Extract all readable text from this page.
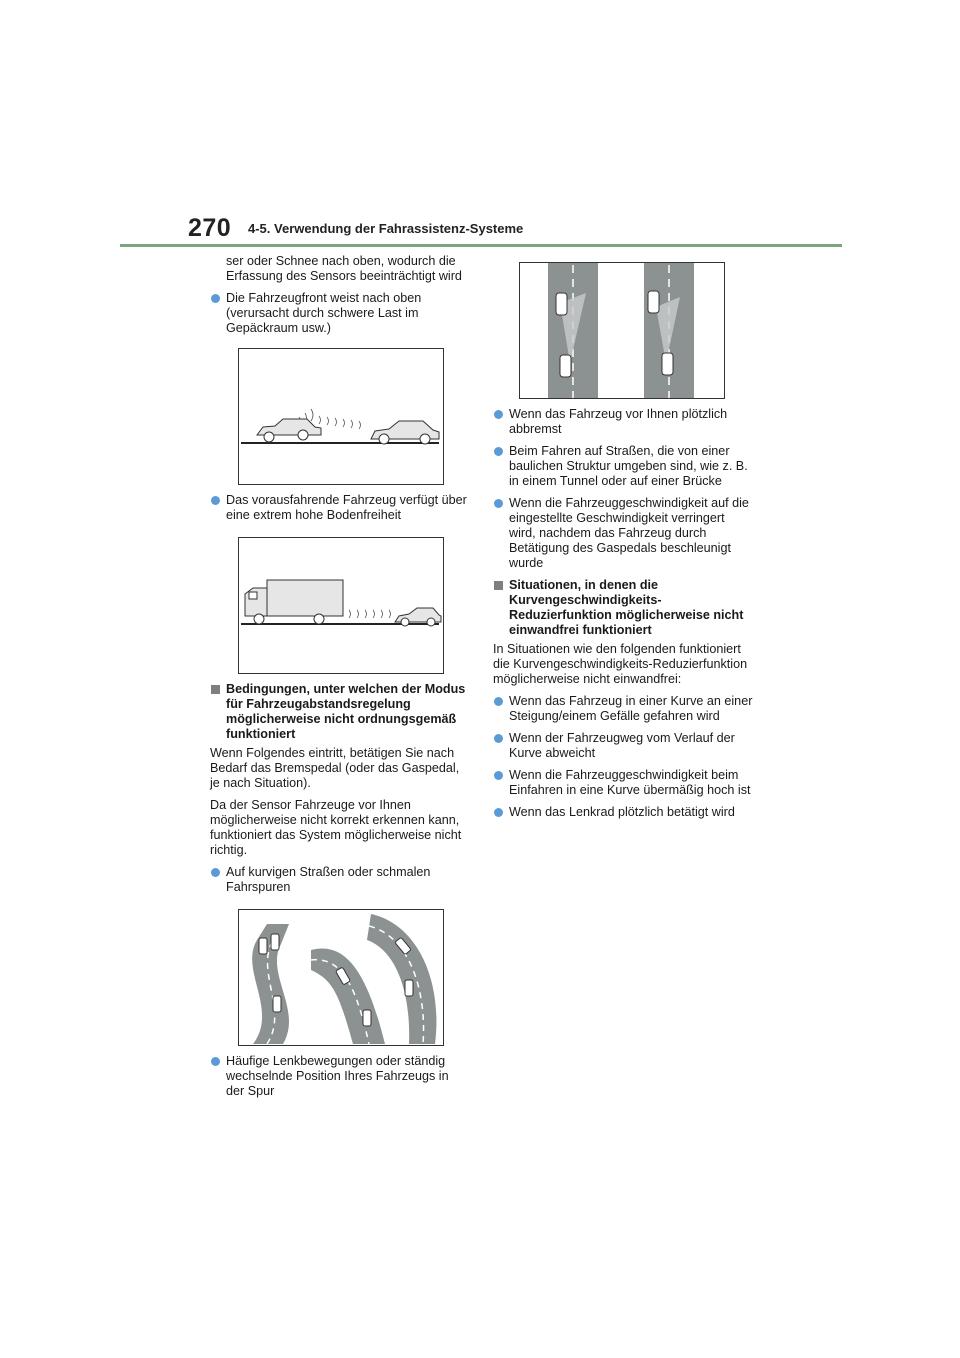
270 4-5. Verwendung der Fahrassistenz-Systeme

ser oder Schnee nach oben, wodurch die Erfassung des Sensors beeinträchtigt wird

Die Fahrzeugfront weist nach oben (verursacht durch schwere Last im Gepäckraum usw.)

Das vorausfahrende Fahrzeug verfügt über eine extrem hohe Bodenfreiheit

Bedingungen, unter welchen der Modus für Fahrzeugabstandsregelung möglicherweise nicht ordnungsgemäß funktioniert

Wenn Folgendes eintritt, betätigen Sie nach Bedarf das Bremspedal (oder das Gaspedal, je nach Situation).

Da der Sensor Fahrzeuge vor Ihnen möglicherweise nicht korrekt erkennen kann, funktioniert das System möglicherweise nicht richtig.

Auf kurvigen Straßen oder schmalen Fahrspuren

Häufige Lenkbewegungen oder ständig wechselnde Position Ihres Fahrzeugs in der Spur

Wenn das Fahrzeug vor Ihnen plötzlich abbremst

Beim Fahren auf Straßen, die von einer baulichen Struktur umgeben sind, wie z. B. in einem Tunnel oder auf einer Brücke

Wenn die Fahrzeuggeschwindigkeit auf die eingestellte Geschwindigkeit verringert wird, nachdem das Fahrzeug durch Betätigung des Gaspedals beschleunigt wurde

Situationen, in denen die Kurvengeschwindigkeits-Reduzierfunktion möglicherweise nicht einwandfrei funktioniert

In Situationen wie den folgenden funktioniert die Kurvengeschwindigkeits-Reduzierfunktion möglicherweise nicht einwandfrei:

Wenn das Fahrzeug in einer Kurve an einer Steigung/einem Gefälle gefahren wird

Wenn der Fahrzeugweg vom Verlauf der Kurve abweicht

Wenn die Fahrzeuggeschwindigkeit beim Einfahren in eine Kurve übermäßig hoch ist

Wenn das Lenkrad plötzlich betätigt wird
